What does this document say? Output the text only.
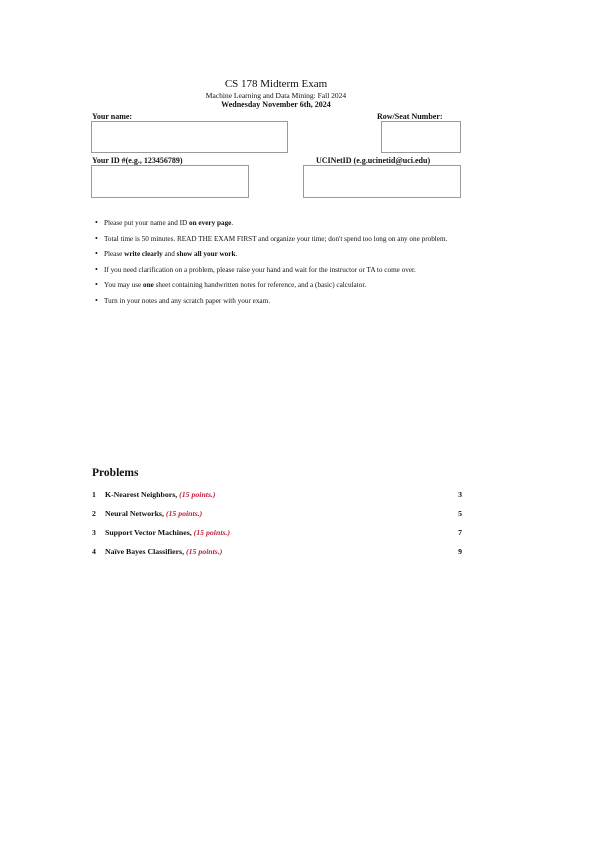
CS 178 Midterm Exam
Machine Learning and Data Mining: Fall 2024
Wednesday November 6th, 2024
Your name:	Row/Seat Number:
Your ID #(e.g., 123456789)	UCINetID (e.g.ucinetid@uci.edu)
• Please put your name and ID on every page.
• Total time is 50 minutes. READ THE EXAM FIRST and organize your time; don't spend too long on any one problem.
• Please write clearly and show all your work.
• If you need clarification on a problem, please raise your hand and wait for the instructor or TA to come over.
• You may use one sheet containing handwritten notes for reference, and a (basic) calculator.
• Turn in your notes and any scratch paper with your exam.
Problems
1 K-Nearest Neighbors, (15 points.)	3
2 Neural Networks, (15 points.)	5
3 Support Vector Machines, (15 points.)	7
4 Naïve Bayes Classifiers, (15 points.)	9
